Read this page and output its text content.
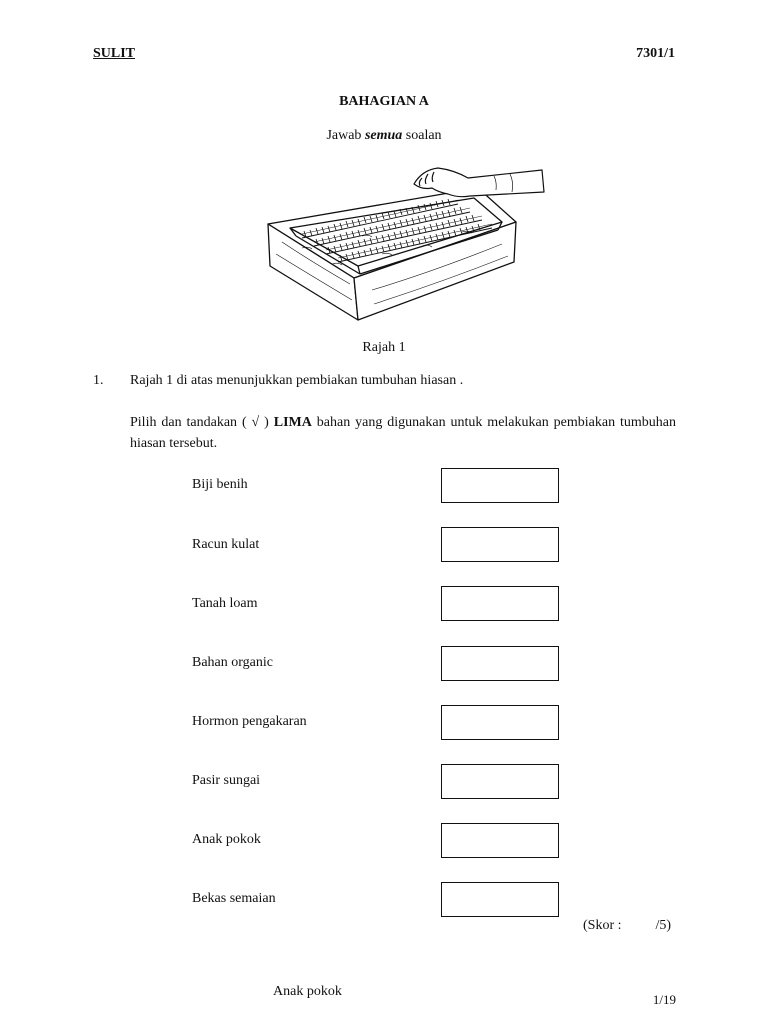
SULIT	7301/1
BAHAGIAN A
Jawab semua soalan
Rajah 1
1. Rajah 1 di atas menunjukkan pembiakan tumbuhan hiasan .
Pilih dan tandakan ( √ ) LIMA bahan yang digunakan untuk melakukan pembiakan tumbuhan hiasan tersebut.
Biji benih
Racun kulat
Tanah loam
Bahan organic
Hormon pengakaran
Pasir sungai
Anak pokok
Bekas semaian
(Skor : /5)
Anak pokok
1/19
